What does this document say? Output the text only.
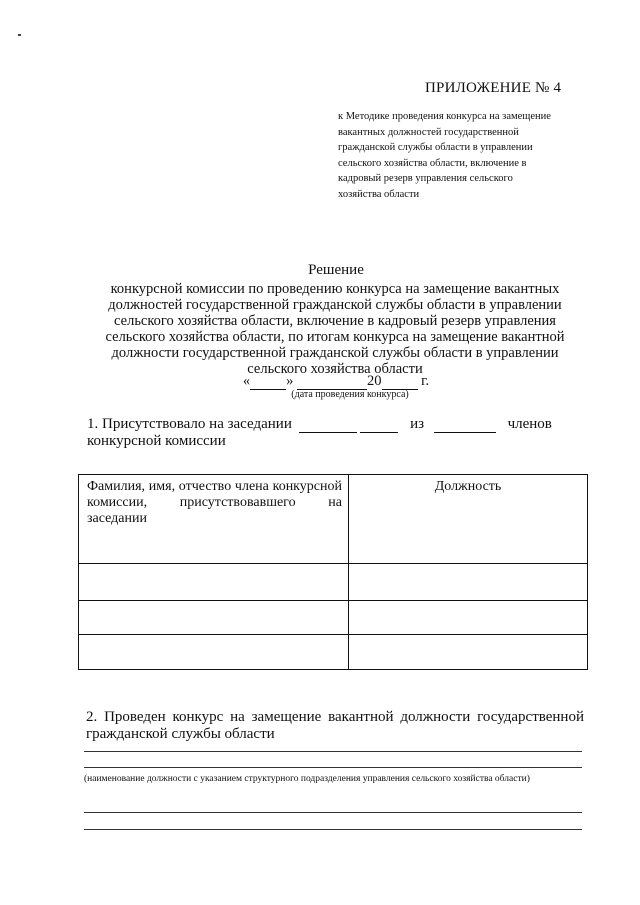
ПРИЛОЖЕНИЕ № 4
к Методике проведения конкурса на замещение
вакантных должностей государственной
гражданской службы области в управлении
сельского хозяйства области, включение в
кадровый резерв управления сельского
хозяйства области
Решение
конкурсной комиссии по проведению конкурса на замещение вакантных
должностей государственной гражданской службы области в управлении
сельского хозяйства области, включение в кадровый резерв управления
сельского хозяйства области, по итогам конкурса на замещение вакантной
должности государственной гражданской службы области в управлении
сельского хозяйства области
« »	20	г.
(дата проведения конкурса)
1. Присутствовало на заседании	из	членов
конкурсной комиссии
Фамилия, имя, отчество члена конкурсной комиссии, присутствовавшего на заседании	Должность

2. Проведен конкурс на замещение вакантной должности государственной гражданской службы области
(наименование должности с указанием структурного подразделения управления сельского хозяйства области)
